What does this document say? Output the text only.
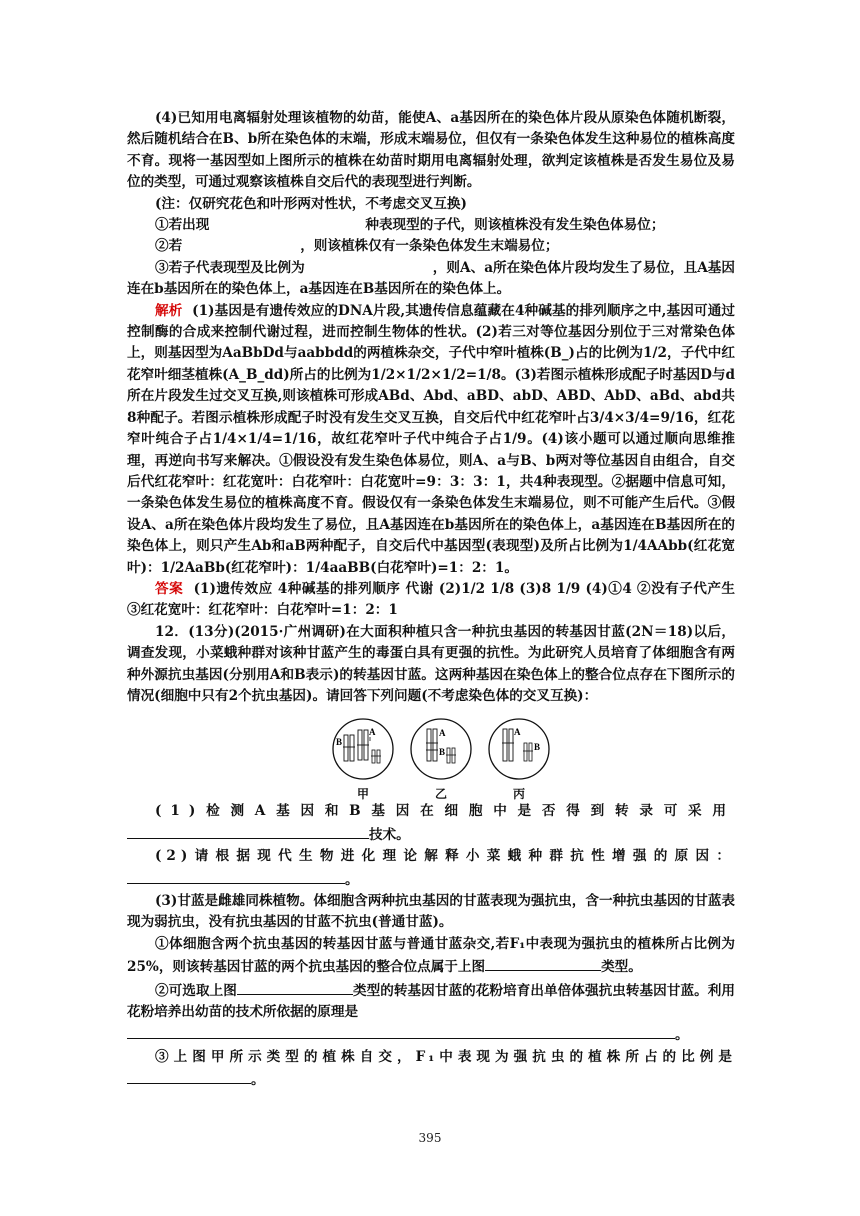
(4)已知用电离辐射处理该植物的幼苗，能使A、a基因所在的染色体片段从原染色体随机断裂，然后随机结合在B、b所在染色体的末端，形成末端易位，但仅有一条染色体发生这种易位的植株高度不育。现将一基因型如上图所示的植株在幼苗时期用电离辐射处理，欲判定该植株是否发生易位及易位的类型，可通过观察该植株自交后代的表现型进行判断。

(注：仅研究花色和叶形两对性状，不考虑交叉互换)

①若出现	种表现型的子代，则该植株没有发生染色体易位；

②若	，则该植株仅有一条染色体发生末端易位；

③若子代表现型及比例为	，则A、a所在染色体片段均发生了易位，且A基因连在b基因所在的染色体上，a基因连在B基因所在的染色体上。

解析 (1)基因是有遗传效应的DNA片段,其遗传信息蕴藏在4种碱基的排列顺序之中,基因可通过控制酶的合成来控制代谢过程，进而控制生物体的性状。(2)若三对等位基因分别位于三对常染色体上，则基因型为AaBbDd与aabbdd的两植株杂交，子代中窄叶植株(B_)占的比例为1/2，子代中红花窄叶细茎植株(A_B_dd)所占的比例为1/2×1/2×1/2=1/8。(3)若图示植株形成配子时基因D与d所在片段发生过交叉互换,则该植株可形成ABd、Abd、aBD、abD、ABD、AbD、aBd、abd共8种配子。若图示植株形成配子时没有发生交叉互换，自交后代中红花窄叶占3/4×3/4=9/16，红花窄叶纯合子占1/4×1/4=1/16，故红花窄叶子代中纯合子占1/9。(4)该小题可以通过顺向思维推理，再逆向书写来解决。①假设没有发生染色体易位，则A、a与B、b两对等位基因自由组合，自交后代红花窄叶：红花宽叶：白花窄叶：白花宽叶=9：3：3：1，共4种表现型。②据题中信息可知，一条染色体发生易位的植株高度不育。假设仅有一条染色体发生末端易位，则不可能产生后代。③假设A、a所在染色体片段均发生了易位，且A基因连在b基因所在的染色体上，a基因连在B基因所在的染色体上，则只产生Ab和aB两种配子，自交后代中基因型(表现型)及所占比例为1/4AAbb(红花宽叶)：1/2AaBb(红花窄叶)：1/4aaBB(白花窄叶)=1：2：1。

答案 (1)遗传效应 4种碱基的排列顺序 代谢 (2)1/2 1/8 (3)8 1/9 (4)①4 ②没有子代产生 ③红花宽叶：红花窄叶：白花窄叶=1：2：1

12．(13分)(2015·广州调研)在大面积种植只含一种抗虫基因的转基因甘蓝(2N＝18)以后，调查发现，小菜蛾种群对该种甘蓝产生的毒蛋白具有更强的抗性。为此研究人员培育了体细胞含有两种外源抗虫基因(分别用A和B表示)的转基因甘蓝。这两种基因在染色体上的整合位点存在下图所示的情况(细胞中只有2个抗虫基因)。请回答下列问题(不考虑染色体的交叉互换)：

B
A
甲
A
B
乙
A
B
丙

(1)检测A基因和B基因在细胞中是否得到转录可采用

技术。

(2)请根据现代生物进化理论解释小菜蛾种群抗性增强的原因：

。

(3)甘蓝是雌雄同株植物。体细胞含两种抗虫基因的甘蓝表现为强抗虫，含一种抗虫基因的甘蓝表现为弱抗虫，没有抗虫基因的甘蓝不抗虫(普通甘蓝)。

①体细胞含两个抗虫基因的转基因甘蓝与普通甘蓝杂交,若F₁中表现为强抗虫的植株所占比例为25%，则该转基因甘蓝的两个抗虫基因的整合位点属于上图	类型。

②可选取上图	类型的转基因甘蓝的花粉培育出单倍体强抗虫转基因甘蓝。利用花粉培养出幼苗的技术所依据的原理是

。

③上图甲所示类型的植株自交，F₁中表现为强抗虫的植株所占的比例是

。

395
